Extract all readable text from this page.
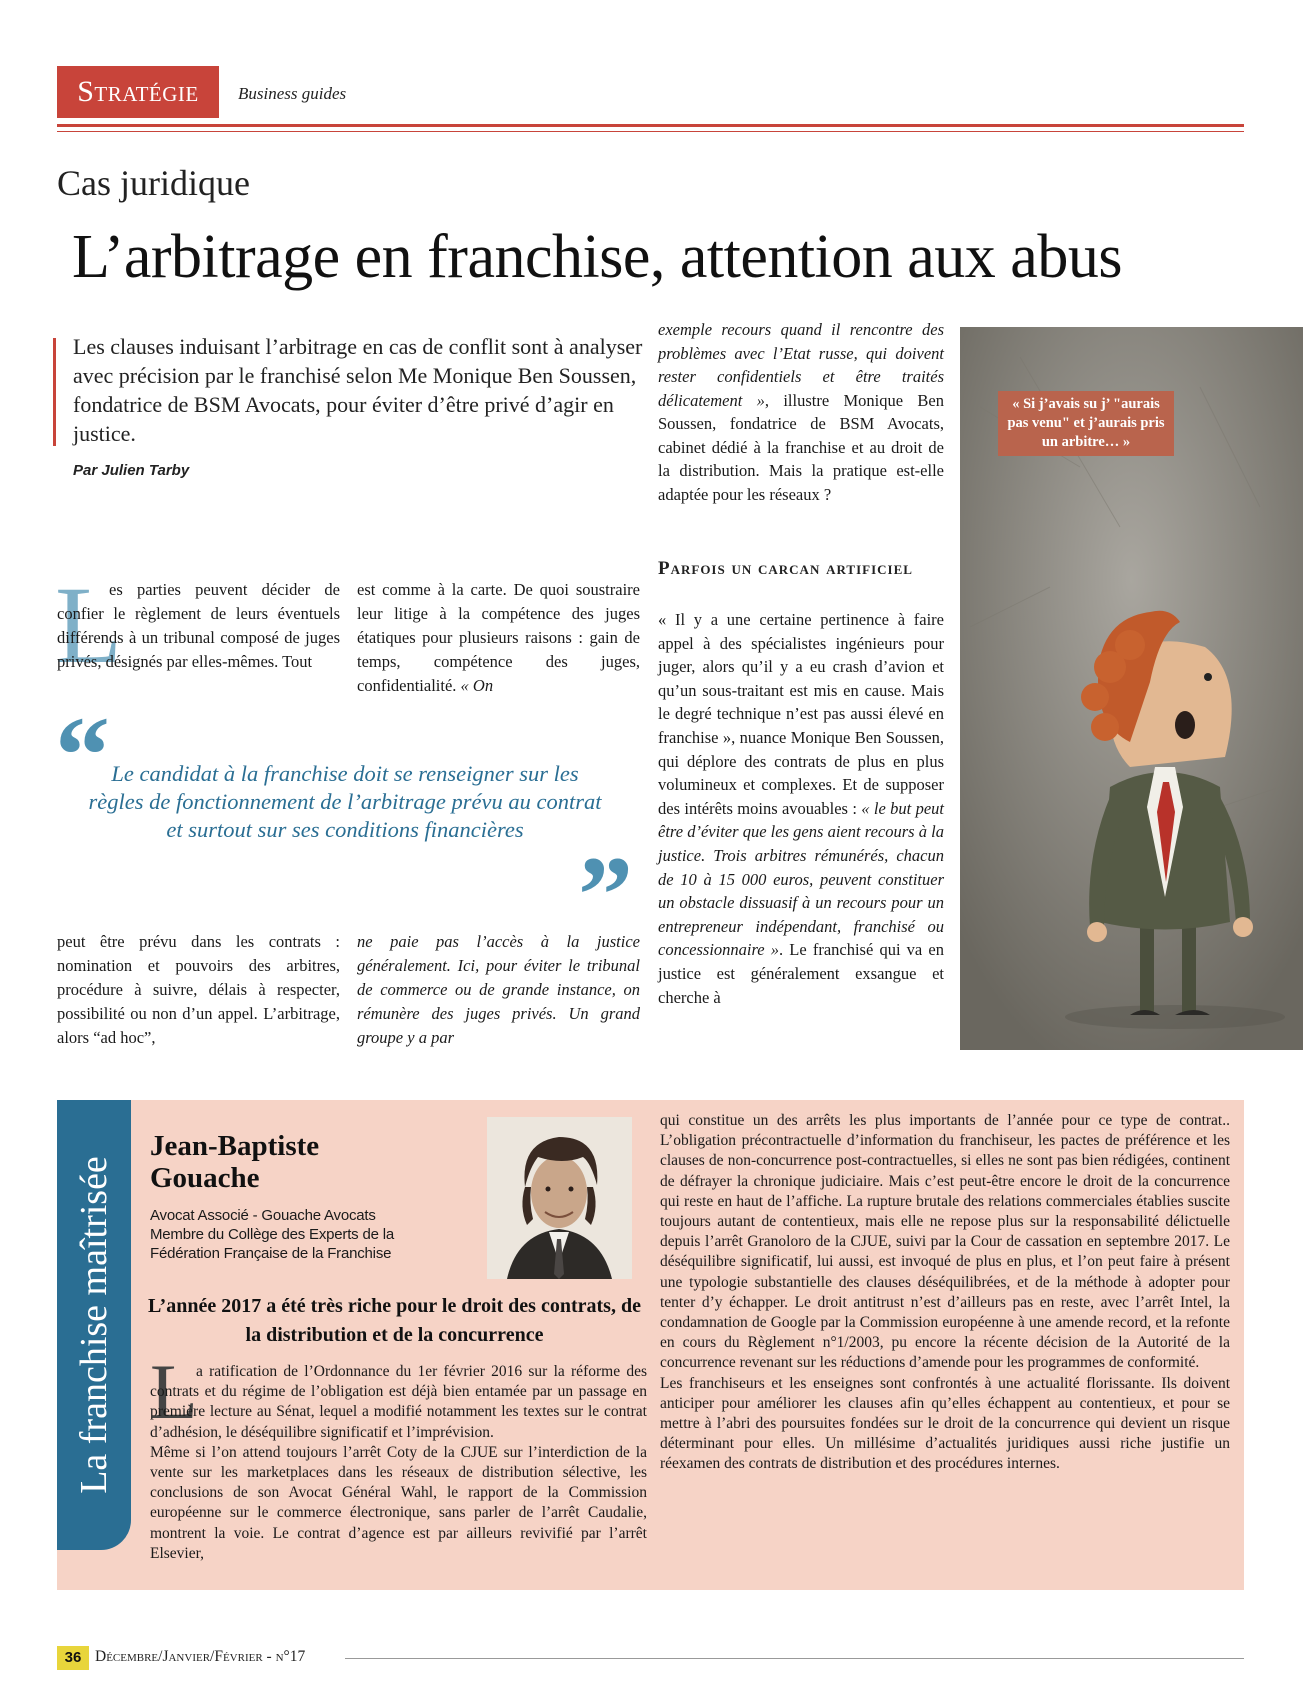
Stratégie	Business guides
Cas juridique
L’arbitrage en franchise, attention aux abus
Les clauses induisant l’arbitrage en cas de conflit sont à analyser avec précision par le franchisé selon Me Monique Ben Soussen, fondatrice de BSM Avocats, pour éviter d’être privé d’agir en justice.
Par Julien Tarby
L

es parties peuvent décider de confier le règlement de leurs éventuels différends à un tribunal composé de juges privés, désignés par elles-mêmes. Tout

est comme à la carte. De quoi soustraire leur litige à la compétence des juges étatiques pour plusieurs raisons : gain de temps, compétence des juges, confidentialité. « On

“ Le candidat à la franchise doit se renseigner sur les règles de fonctionnement de l’arbitrage prévu au contrat et surtout sur ses conditions financières
”

peut être prévu dans les contrats : nomination et pouvoirs des arbitres, procédure à suivre, délais à respecter, possibilité ou non d’un appel. L’arbitrage, alors “ad hoc”,

ne paie pas l’accès à la justice généralement. Ici, pour éviter le tribunal de commerce ou de grande instance, on rémunère des juges privés. Un grand groupe y a par

exemple recours quand il rencontre des problèmes avec l’Etat russe, qui doivent rester confidentiels et être traités délicatement », illustre Monique Ben Soussen, fondatrice de BSM Avocats, cabinet dédié à la franchise et au droit de la distribution. Mais la pratique est-elle adaptée pour les réseaux ?

Parfois un carcan artificiel

« Il y a une certaine pertinence à faire appel à des spécialistes ingénieurs pour juger, alors qu’il y a eu crash d’avion et qu’un sous-traitant est mis en cause. Mais le degré technique n’est pas aussi élevé en franchise », nuance Monique Ben Soussen, qui déplore des contrats de plus en plus volumineux et complexes. Et de supposer des intérêts moins avouables : « le but peut être d’éviter que les gens aient recours à la justice. Trois arbitres rémunérés, chacun de 10 à 15 000 euros, peuvent constituer un obstacle dissuasif à un recours pour un entrepreneur indépendant, franchisé ou concessionnaire ». Le franchisé qui va en justice est généralement exsangue et cherche à

« Si j’avais su j’ "aurais pas venu" et j’aurais pris un arbitre… »
La franchise maîtrisée
Jean-Baptiste
Gouache
Avocat Associé - Gouache Avocats
Membre du Collège des Experts de la
Fédération Française de la Franchise
L’année 2017 a été très riche pour le droit des contrats, de la distribution et de la concurrence
L

a ratification de l’Ordonnance du 1er février 2016 sur la réforme des contrats et du régime de l’obligation est déjà bien entamée par un passage en première lecture au Sénat, lequel a modifié notamment les textes sur le contrat d’adhésion, le déséquilibre significatif et l’imprévision.

Même si l’on attend toujours l’arrêt Coty de la CJUE sur l’interdiction de la vente sur les marketplaces dans les réseaux de distribution sélective, les conclusions de son Avocat Général Wahl, le rapport de la Commission européenne sur le commerce électronique, sans parler de l’arrêt Caudalie, montrent la voie. Le contrat d’agence est par ailleurs revivifié par l’arrêt Elsevier,

qui constitue un des arrêts les plus importants de l’année pour ce type de contrat.. L’obligation précontractuelle d’information du franchiseur, les pactes de préférence et les clauses de non-concurrence post-contractuelles, si elles ne sont pas bien rédigées, continent de défrayer la chronique judiciaire. Mais c’est peut-être encore le droit de la concurrence qui reste en haut de l’affiche. La rupture brutale des relations commerciales établies suscite toujours autant de contentieux, mais elle ne repose plus sur la responsabilité délictuelle depuis l’arrêt Granoloro de la CJUE, suivi par la Cour de cassation en septembre 2017. Le déséquilibre significatif, lui aussi, est invoqué de plus en plus, et l’on peut faire à présent une typologie substantielle des clauses déséquilibrées, et de la méthode à adopter pour tenter d’y échapper. Le droit antitrust n’est d’ailleurs pas en reste, avec l’arrêt Intel, la condamnation de Google par la Commission européenne à une amende record, et la refonte en cours du Règlement n°1/2003, pu encore la récente décision de la Autorité de la concurrence revenant sur les réductions d’amende pour les programmes de conformité.

Les franchiseurs et les enseignes sont confrontés à une actualité florissante. Ils doivent anticiper pour améliorer les clauses afin qu’elles échappent au contentieux, et pour se mettre à l’abri des poursuites fondées sur le droit de la concurrence qui devient un risque déterminant pour elles. Un millésime d’actualités juridiques aussi riche justifie un réexamen des contrats de distribution et des procédures internes.

36 Décembre/Janvier/Février - n°17
